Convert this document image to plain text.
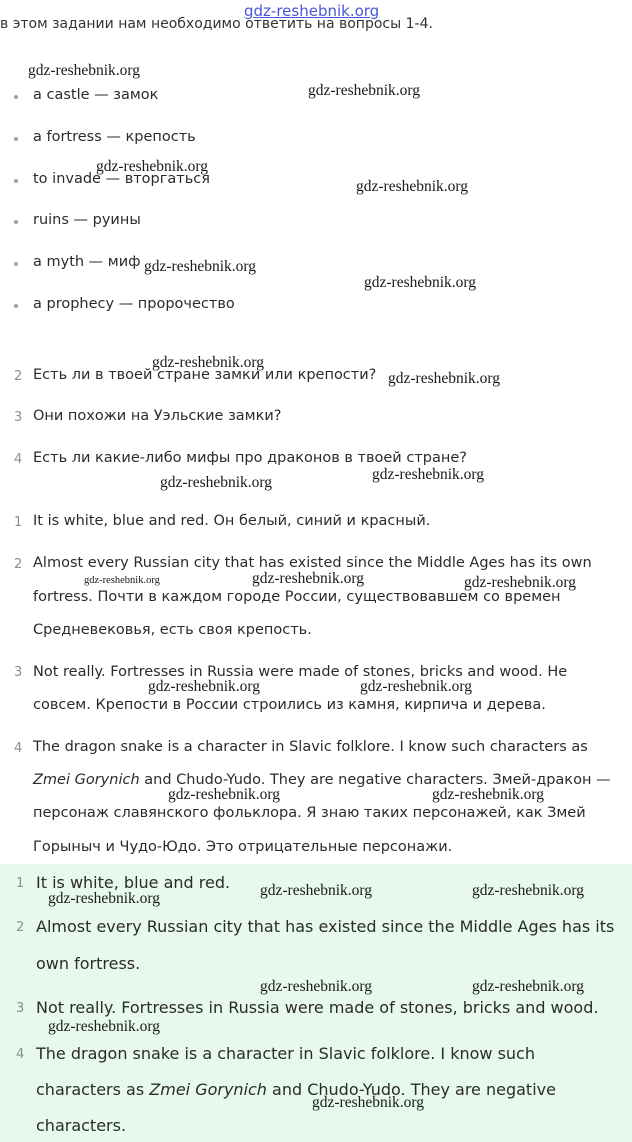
gdz-reshebnik.org
в этом задании нам необходимо ответить на вопросы 1-4.
a castle — замок
a fortress — крепость
to invade — вторгаться
ruins — руины
a myth — миф
a prophecy — пророчество
2 Есть ли в твоей стране замки или крепости?
3 Они похожи на Уэльские замки?
4 Есть ли какие-либо мифы про драконов в твоей стране?
1 It is white, blue and red. Он белый, синий и красный.
2 Almost every Russian city that has existed since the Middle Ages has its own
fortress. Почти в каждом городе России, существовавшем со времен
Средневековья, есть своя крепость.
3 Not really. Fortresses in Russia were made of stones, bricks and wood. Не
совсем. Крепости в России строились из камня, кирпича и дерева.
4 The dragon snake is a character in Slavic folklore. I know such characters as
Zmei Gorynich and Chudo-Yudo. They are negative characters. Змей-дракон —
персонаж славянского фольклора. Я знаю таких персонажей, как Змей
Горыныч и Чудо-Юдо. Это отрицательные персонажи.
1 It is white, blue and red.
2 Almost every Russian city that has existed since the Middle Ages has its
own fortress.
3 Not really. Fortresses in Russia were made of stones, bricks and wood.
4 The dragon snake is a character in Slavic folklore. I know such
characters as Zmei Gorynich and Chudo-Yudo. They are negative
characters.
gdz-reshebnik.org
gdz-reshebnik.org
gdz-reshebnik.org
gdz-reshebnik.org
gdz-reshebnik.org
gdz-reshebnik.org
gdz-reshebnik.org
gdz-reshebnik.org
gdz-reshebnik.org	gdz-reshebnik.org
gdz-reshebnik.org	gdz-reshebnik.org	gdz-reshebnik.org
gdz-reshebnik.org	gdz-reshebnik.org
gdz-reshebnik.org	gdz-reshebnik.org
gdz-reshebnik.org	gdz-reshebnik.org
gdz-reshebnik.org
gdz-reshebnik.org	gdz-reshebnik.org
gdz-reshebnik.org
gdz-reshebnik.org
